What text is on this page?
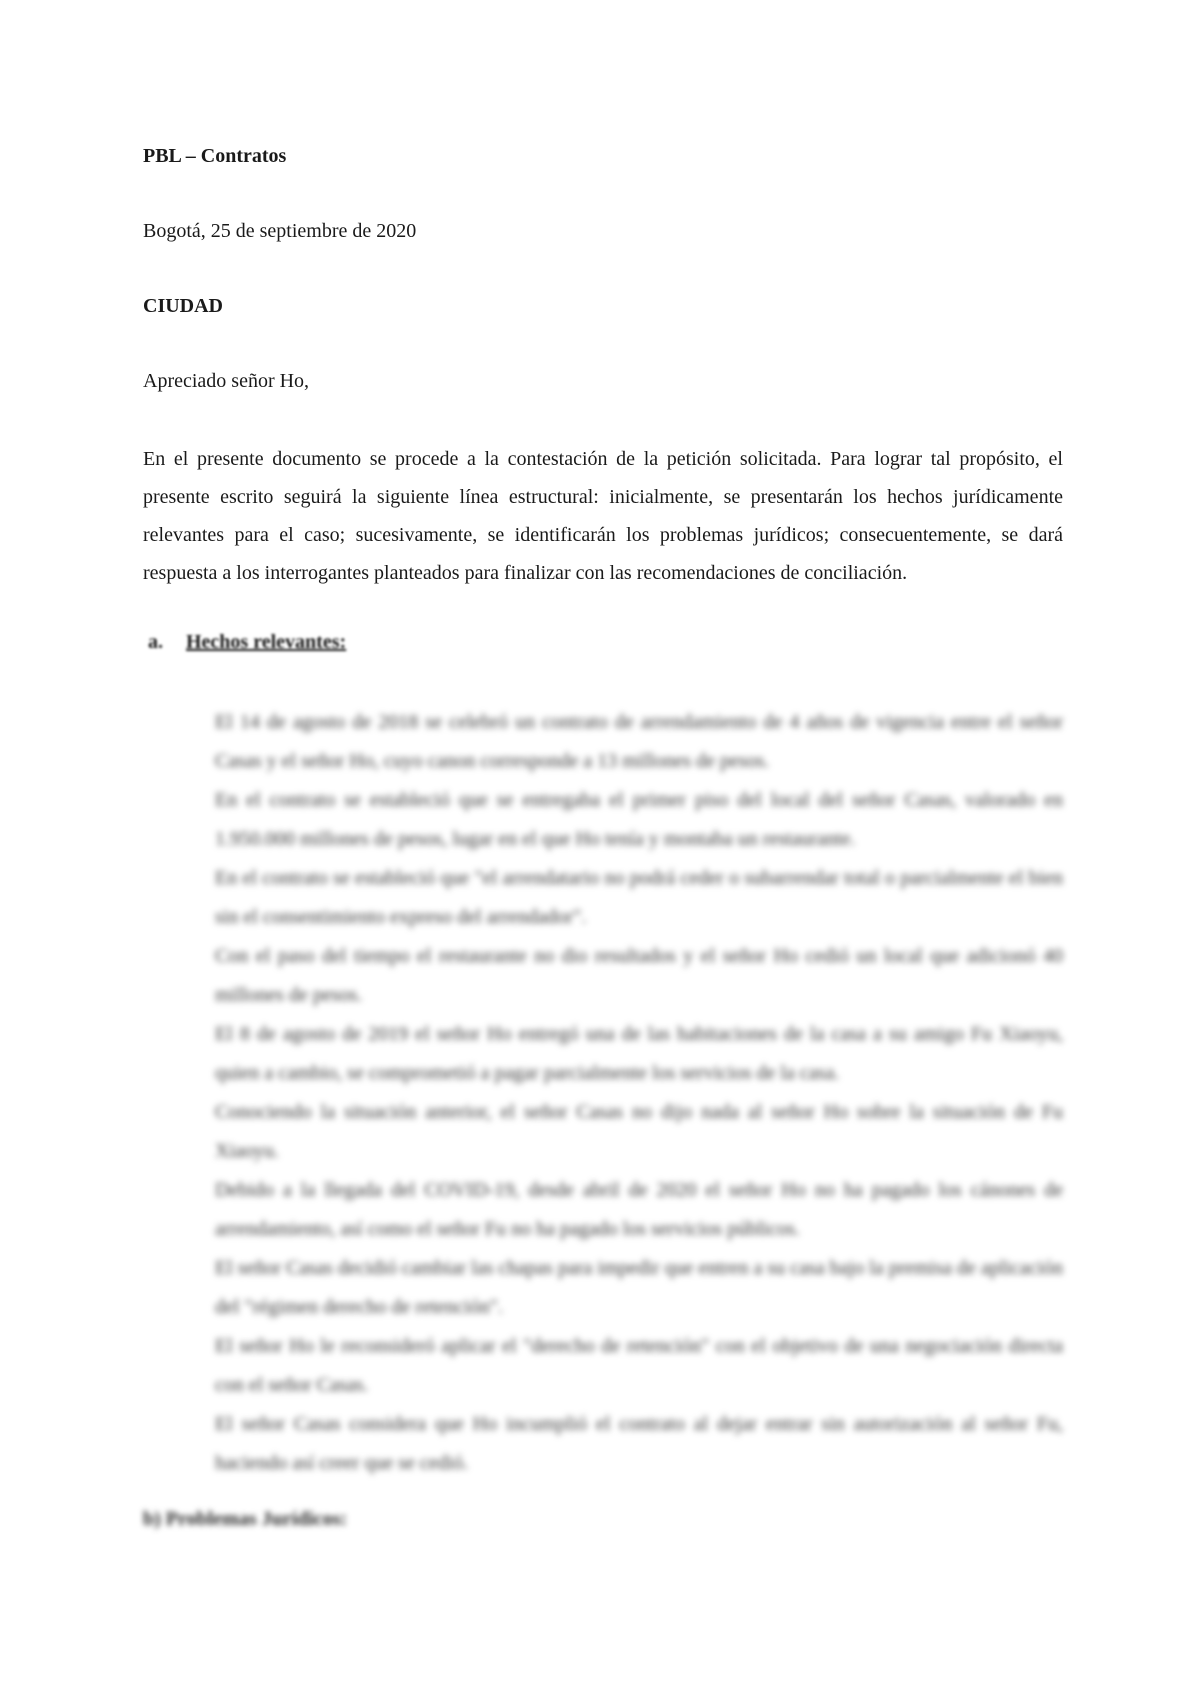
PBL – Contratos
Bogotá, 25 de septiembre de 2020
CIUDAD
Apreciado señor Ho,

En el presente documento se procede a la contestación de la petición solicitada. Para lograr tal propósito, el presente escrito seguirá la siguiente línea estructural: inicialmente, se presentarán los hechos jurídicamente relevantes para el caso; sucesivamente, se identificarán los problemas jurídicos; consecuentemente, se dará respuesta a los interrogantes planteados para finalizar con las recomendaciones de conciliación.

a. Hechos relevantes:
El 14 de agosto de 2018 se celebró un contrato de arrendamiento de 4 años de vigencia entre el señor Casas y el señor Ho, cuyo canon corresponde a 13 millones de pesos.
En el contrato se estableció que se entregaba el primer piso del local del señor Casas, valorado en 1.950.000 millones de pesos, lugar en el que Ho tenía y montaba un restaurante.
En el contrato se estableció que "el arrendatario no podrá ceder o subarrendar total o parcialmente el bien sin el consentimiento expreso del arrendador".
Con el paso del tiempo el restaurante no dio resultados y el señor Ho cedió un local que adicionó 40 millones de pesos.
El 8 de agosto de 2019 el señor Ho entregó una de las habitaciones de la casa a su amigo Fu Xiaoyu, quien a cambio, se comprometió a pagar parcialmente los servicios de la casa.
Conociendo la situación anterior, el señor Casas no dijo nada al señor Ho sobre la situación de Fu Xiaoyu.
Debido a la llegada del COVID-19, desde abril de 2020 el señor Ho no ha pagado los cánones de arrendamiento, así como el señor Fu no ha pagado los servicios públicos.
El señor Casas decidió cambiar las chapas para impedir que entren a su casa bajo la premisa de aplicación del "régimen derecho de retención".
El señor Ho le reconsideró aplicar el "derecho de retención" con el objetivo de una negociación directa con el señor Casas.
El señor Casas considera que Ho incumplió el contrato al dejar entrar sin autorización al señor Fu, haciendo así creer que se cedió.
b) Problemas Jurídicos:
